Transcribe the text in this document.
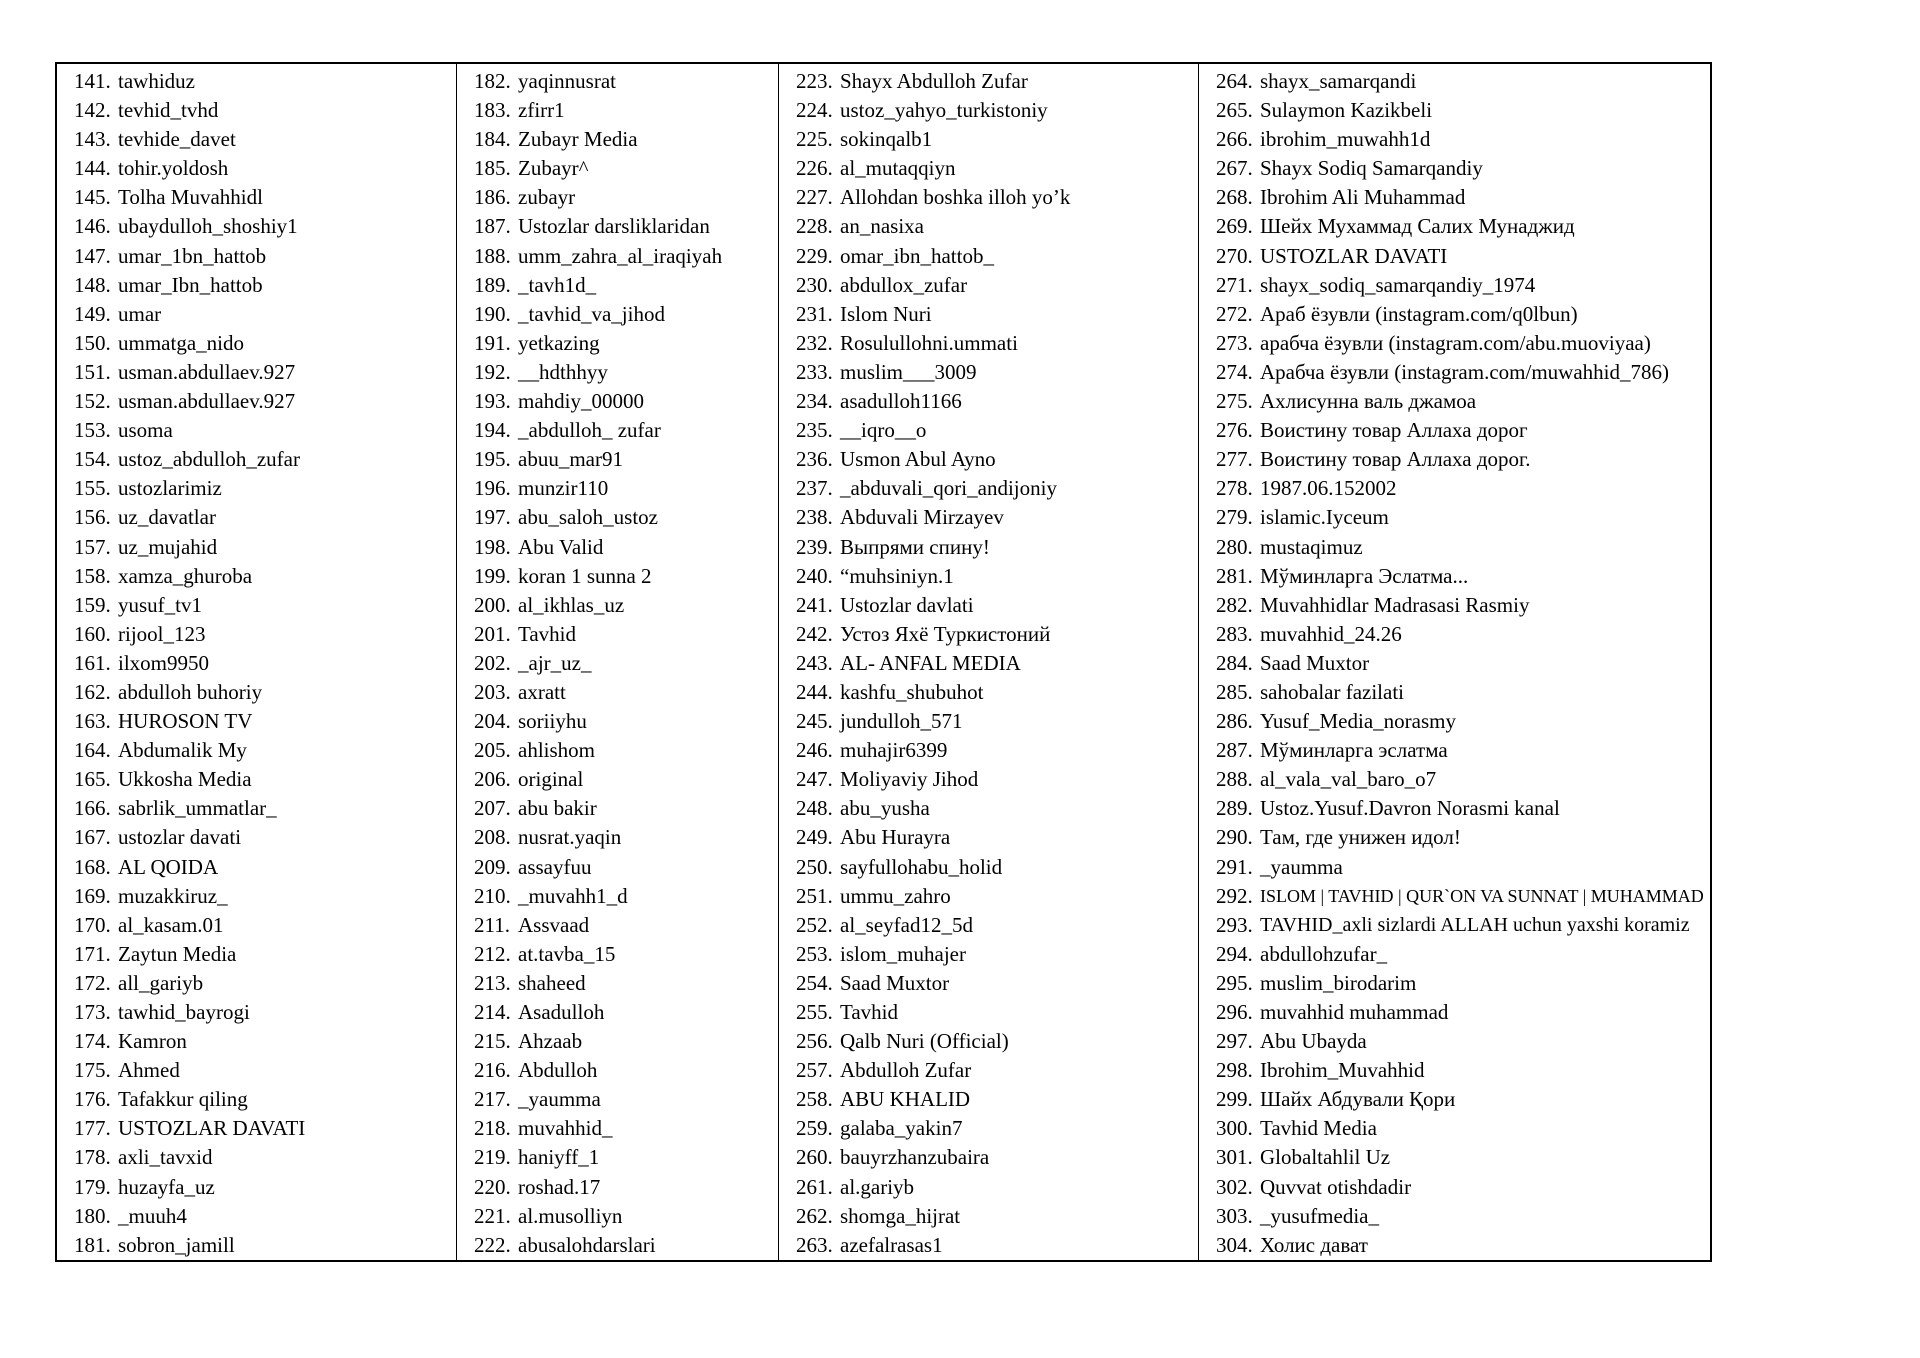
141. tawhiduz
142. tevhid_tvhd
143. tevhide_davet
144. tohir.yoldosh
145. Tolha Muvahhidl
146. ubaydulloh_shoshiy1
147. umar_1bn_hattob
148. umar_Ibn_hattob
149. umar
150. ummatga_nido
151. usman.abdullaev.927
152. usman.abdullaev.927
153. usoma
154. ustoz_abdulloh_zufar
155. ustozlarimiz
156. uz_davatlar
157. uz_mujahid
158. xamza_ghuroba
159. yusuf_tv1
160. rijool_123
161. ilxom9950
162. abdulloh buhoriy
163. HUROSON TV
164. Abdumalik My
165. Ukkosha Media
166. sabrlik_ummatlar_
167. ustozlar davati
168. AL QOIDA
169. muzakkiruz_
170. al_kasam.01
171. Zaytun Media
172. all_gariyb
173. tawhid_bayrogi
174. Kamron
175. Ahmed
176. Tafakkur qiling
177. USTOZLAR DAVATI
178. axli_tavxid
179. huzayfa_uz
180. _muuh4
181. sobron_jamill
182. yaqinnusrat
183. zfirr1
184. Zubayr Media
185. Zubayr^
186. zubayr
187. Ustozlar darsliklaridan
188. umm_zahra_al_iraqiyah
189. _tavh1d_
190. _tavhid_va_jihod
191. yetkazing
192. __hdthhyy
193. mahdiy_00000
194. _abdulloh_ zufar
195. abuu_mar91
196. munzir110
197. abu_saloh_ustoz
198. Abu Valid
199. koran 1 sunna 2
200. al_ikhlas_uz
201. Tavhid
202. _ajr_uz_
203. axratt
204. soriiyhu
205. ahlishom
206. original
207. abu bakir
208. nusrat.yaqin
209. assayfuu
210. _muvahh1_d
211. Assvaad
212. at.tavba_15
213. shaheed
214. Asadulloh
215. Ahzaab
216. Abdulloh
217. _yaumma
218. muvahhid_
219. haniyff_1
220. roshad.17
221. al.musolliyn
222. abusalohdarslari
223. Shayx Abdulloh Zufar
224. ustoz_yahyo_turkistoniy
225. sokinqalb1
226. al_mutaqqiyn
227. Allohdan boshka illoh yo’k
228. an_nasixa
229. omar_ibn_hattob_
230. abdullox_zufar
231. Islom Nuri
232. Rosulullohni.ummati
233. muslim___3009
234. asadulloh1166
235. __iqro__o
236. Usmon Abul Ayno
237. _abduvali_qori_andijoniy
238. Abduvali Mirzayev
239. Выпрями спину!
240. “muhsiniyn.1
241. Ustozlar davlati
242. Устоз Яхё Туркистоний
243. AL- ANFAL MEDIA
244. kashfu_shubuhot
245. jundulloh_571
246. muhajir6399
247. Moliyaviy Jihod
248. abu_yusha
249. Abu Hurayra
250. sayfullohabu_holid
251. ummu_zahro
252. al_seyfad12_5d
253. islom_muhajer
254. Saad Muxtor
255. Tavhid
256. Qalb Nuri (Official)
257. Abdulloh Zufar
258. ABU KHALID
259. galaba_yakin7
260. bauyrzhanzubaira
261. al.gariyb
262. shomga_hijrat
263. azefalrasas1
264. shayx_samarqandi
265. Sulaymon Kazikbeli
266. ibrohim_muwahh1d
267. Shayx Sodiq Samarqandiy
268. Ibrohim Ali Muhammad
269. Шейх Мухаммад Салих Мунаджид
270. USTOZLAR DAVATI
271. shayx_sodiq_samarqandiy_1974
272. Араб ёзувли (instagram.com/q0lbun)
273. арабча ёзувли (instagram.com/abu.muoviyaa)
274. Арабча ёзувли (instagram.com/muwahhid_786)
275. Ахлисунна валь джамоа
276. Воистину товар Аллаха дорог
277. Воистину товар Аллаха дорог.
278. 1987.06.152002
279. islamic.Iyceum
280. mustaqimuz
281. Мўминларга Эслатма...
282. Muvahhidlar Madrasasi Rasmiy
283. muvahhid_24.26
284. Saad Muxtor
285. sahobalar fazilati
286. Yusuf_Media_norasmy
287. Мўминларга эслатма
288. al_vala_val_baro_o7
289. Ustoz.Yusuf.Davron Norasmi kanal
290. Там, где унижен идол!
291. _yaumma
292. ISLOM | TAVHID | QUR`ON VA SUNNAT | MUHAMMAD
293. TAVHID_axli sizlardi ALLAH uchun yaxshi koramiz
294. abdullohzufar_
295. muslim_birodarim
296. muvahhid muhammad
297. Abu Ubayda
298. Ibrohim_Muvahhid
299. Шайх Абдували Қори
300. Tavhid Media
301. Globaltahlil Uz
302. Quvvat otishdadir
303. _yusufmedia_
304. Холис дават
